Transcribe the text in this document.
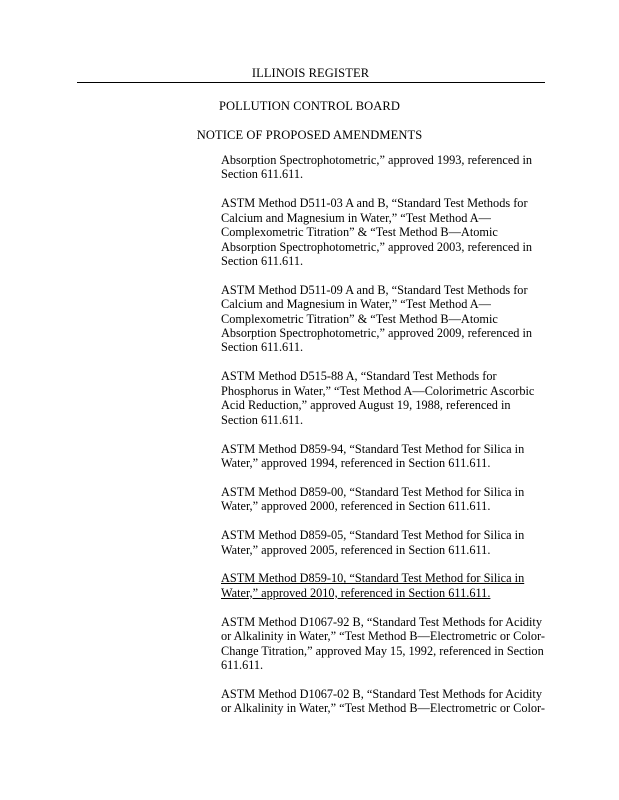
ILLINOIS REGISTER
POLLUTION CONTROL BOARD
NOTICE OF PROPOSED AMENDMENTS

Absorption Spectrophotometric,” approved 1993, referenced in Section 611.611.

ASTM Method D511-03 A and B, “Standard Test Methods for Calcium and Magnesium in Water,” “Test Method A—Complexometric Titration” & “Test Method B—Atomic Absorption Spectrophotometric,” approved 2003, referenced in Section 611.611.

ASTM Method D511-09 A and B, “Standard Test Methods for Calcium and Magnesium in Water,” “Test Method A—Complexometric Titration” & “Test Method B—Atomic Absorption Spectrophotometric,” approved 2009, referenced in Section 611.611.

ASTM Method D515-88 A, “Standard Test Methods for Phosphorus in Water,” “Test Method A—Colorimetric Ascorbic Acid Reduction,” approved August 19, 1988, referenced in Section 611.611.

ASTM Method D859-94, “Standard Test Method for Silica in Water,” approved 1994, referenced in Section 611.611.

ASTM Method D859-00, “Standard Test Method for Silica in Water,” approved 2000, referenced in Section 611.611.

ASTM Method D859-05, “Standard Test Method for Silica in Water,” approved 2005, referenced in Section 611.611.

ASTM Method D859-10, “Standard Test Method for Silica in Water,” approved 2010, referenced in Section 611.611.

ASTM Method D1067-92 B, “Standard Test Methods for Acidity or Alkalinity in Water,” “Test Method B—Electrometric or Color-Change Titration,” approved May 15, 1992, referenced in Section 611.611.

ASTM Method D1067-02 B, “Standard Test Methods for Acidity or Alkalinity in Water,” “Test Method B—Electrometric or Color-
